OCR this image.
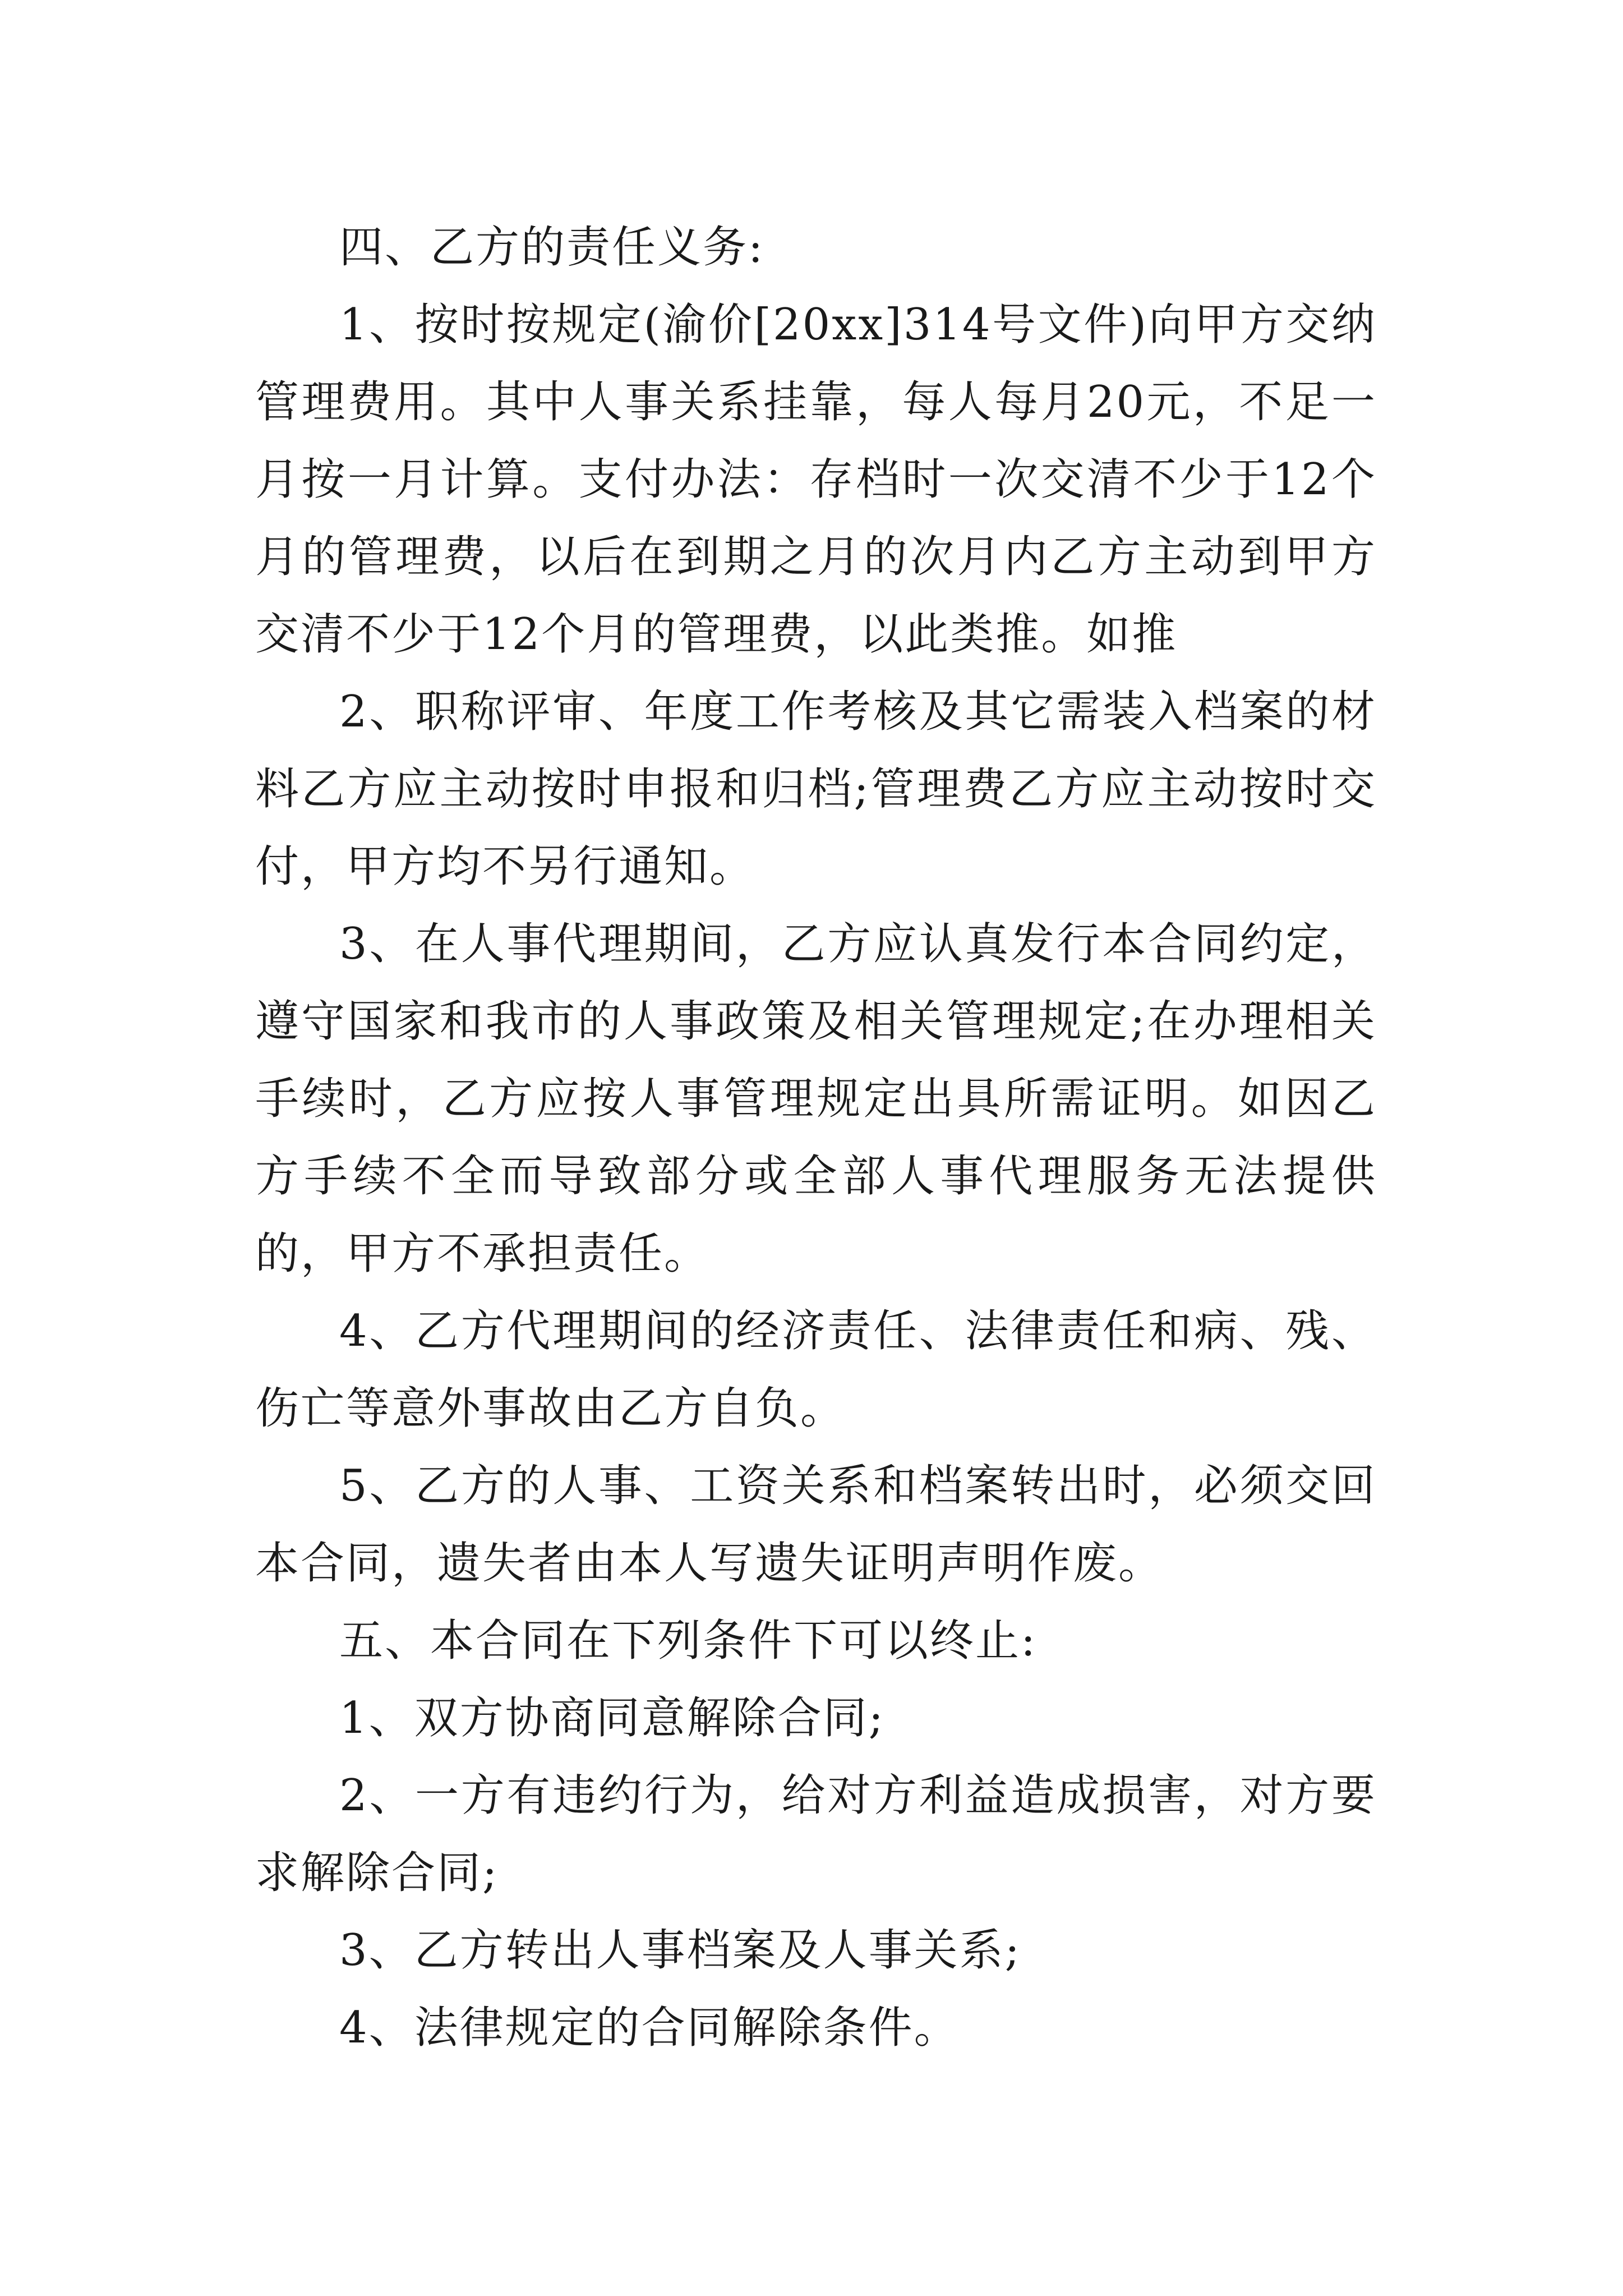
四、乙方的责任义务:

1、按时按规定(渝价[20xx]314号文件)向甲方交纳管理费用。其中人事关系挂靠，每人每月20元，不足一月按一月计算。支付办法：存档时一次交清不少于12个月的管理费，以后在到期之月的次月内乙方主动到甲方交清不少于12个月的管理费，以此类推。如推

2、职称评审、年度工作考核及其它需装入档案的材料乙方应主动按时申报和归档;管理费乙方应主动按时交付，甲方均不另行通知。

3、在人事代理期间，乙方应认真发行本合同约定，遵守国家和我市的人事政策及相关管理规定;在办理相关手续时，乙方应按人事管理规定出具所需证明。如因乙方手续不全而导致部分或全部人事代理服务无法提供的，甲方不承担责任。

4、乙方代理期间的经济责任、法律责任和病、残、伤亡等意外事故由乙方自负。

5、乙方的人事、工资关系和档案转出时，必须交回本合同，遗失者由本人写遗失证明声明作废。

五、本合同在下列条件下可以终止:

1、双方协商同意解除合同;

2、一方有违约行为，给对方利益造成损害，对方要求解除合同;

3、乙方转出人事档案及人事关系;

4、法律规定的合同解除条件。
